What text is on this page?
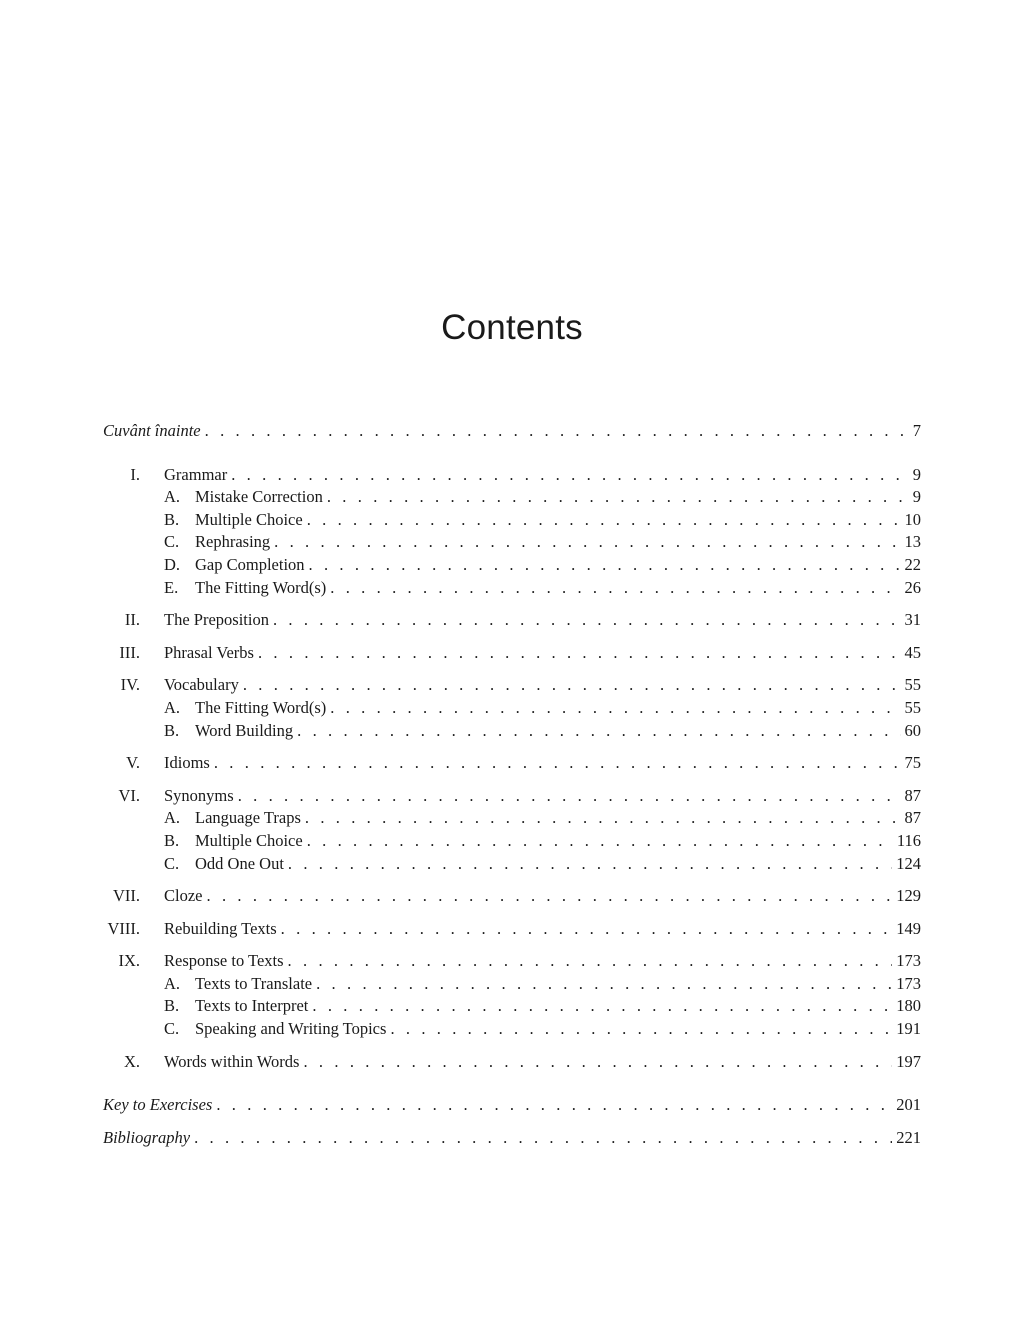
Contents
Cuvânt înainte . . .	7
I. Grammar . . .	9
A. Mistake Correction . . .	9
B. Multiple Choice . . .	10
C. Rephrasing . . .	13
D. Gap Completion . . .	22
E.	The Fitting Word(s) . . .	26
II. The Preposition . . .	31
III. Phrasal Verbs . . .	45
IV. Vocabulary . . .	55
A. The Fitting Word(s) . . .	55
B. Word Building . . .	60
V. Idioms . . .	75
VI. Synonyms . . .	87
A. Language Traps . . .	87
B. Multiple Choice . . .	116
C. Odd One Out . . .	124
VII. Cloze . . .	129
VIII. Rebuilding Texts . . .	149
IX. Response to Texts . . .	173
A. Texts to Translate . . .	173
B. Texts to Interpret . . .	180
C. Speaking and Writing Topics . . .	191
X. Words within Words . . .	197
Key to Exercises . . .	201
Bibliography . . .	221
